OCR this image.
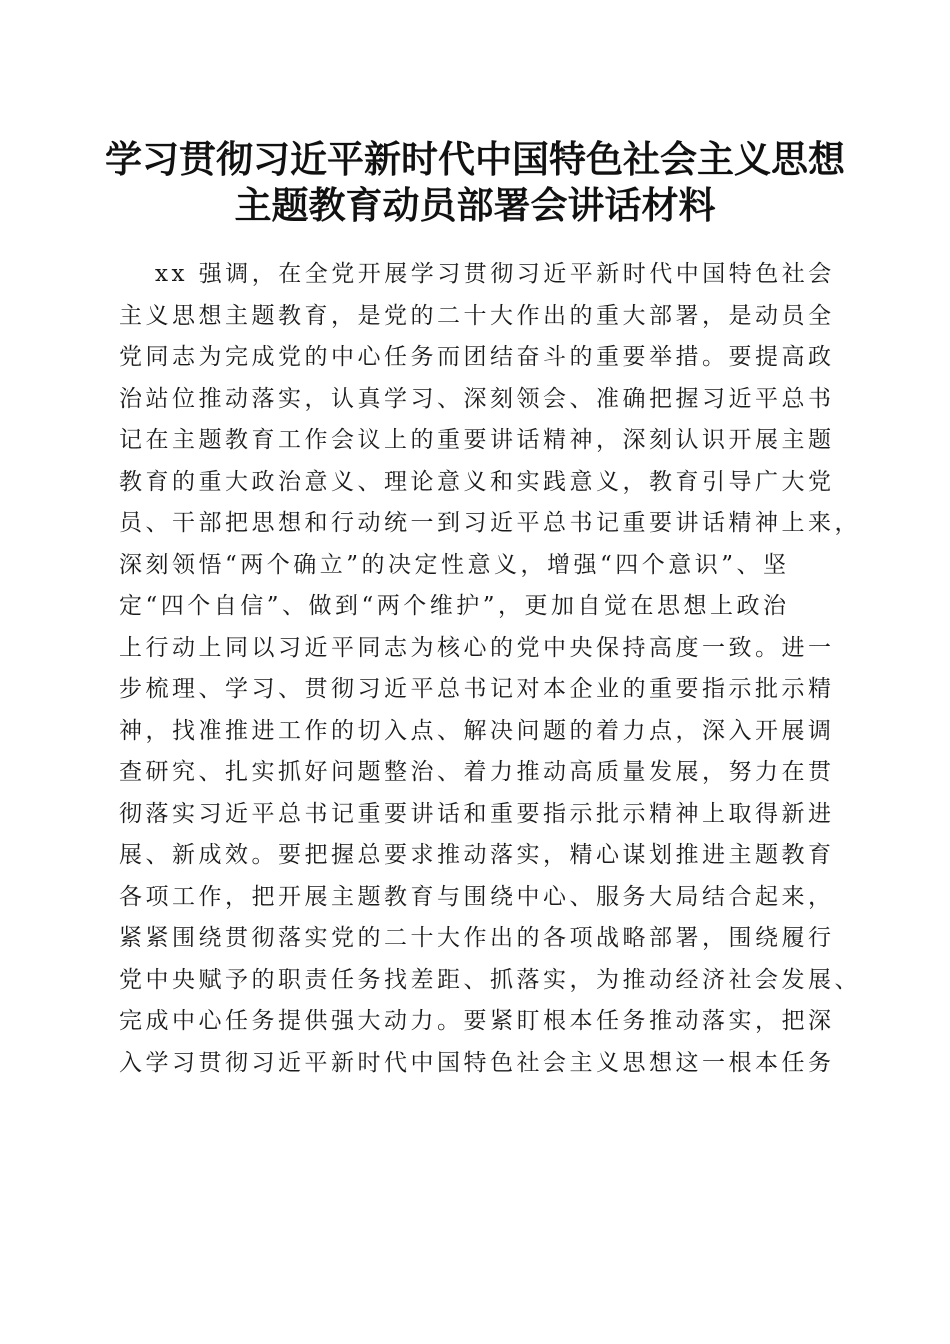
学习贯彻习近平新时代中国特色社会主义思想
主题教育动员部署会讲话材料
xx 强调，在全党开展学习贯彻习近平新时代中国特色社会
主义思想主题教育，是党的二十大作出的重大部署，是动员全
党同志为完成党的中心任务而团结奋斗的重要举措。要提高政
治站位推动落实，认真学习、深刻领会、准确把握习近平总书
记在主题教育工作会议上的重要讲话精神，深刻认识开展主题
教育的重大政治意义、理论意义和实践意义，教育引导广大党
员、干部把思想和行动统一到习近平总书记重要讲话精神上来，
深刻领悟“两个确立”的决定性意义，增强“四个意识”、坚
定“四个自信”、做到“两个维护”，更加自觉在思想上政治
上行动上同以习近平同志为核心的党中央保持高度一致。进一
步梳理、学习、贯彻习近平总书记对本企业的重要指示批示精
神，找准推进工作的切入点、解决问题的着力点，深入开展调
查研究、扎实抓好问题整治、着力推动高质量发展，努力在贯
彻落实习近平总书记重要讲话和重要指示批示精神上取得新进
展、新成效。要把握总要求推动落实，精心谋划推进主题教育
各项工作，把开展主题教育与围绕中心、服务大局结合起来，
紧紧围绕贯彻落实党的二十大作出的各项战略部署，围绕履行
党中央赋予的职责任务找差距、抓落实，为推动经济社会发展、
完成中心任务提供强大动力。要紧盯根本任务推动落实，把深
入学习贯彻习近平新时代中国特色社会主义思想这一根本任务
